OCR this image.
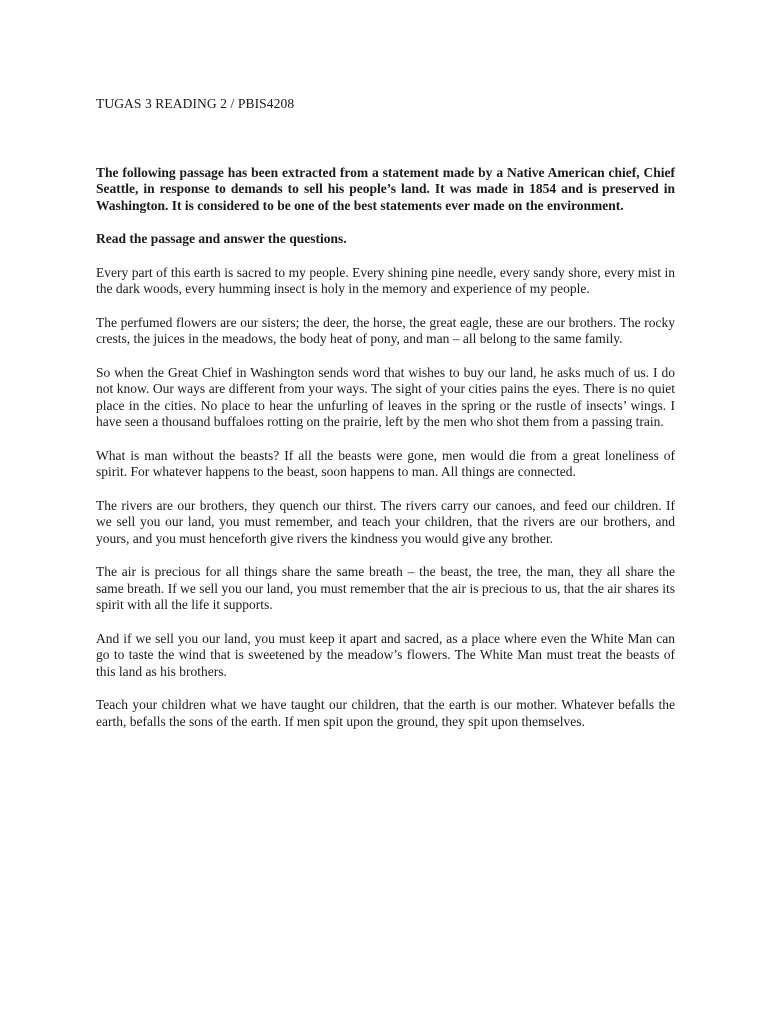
TUGAS 3 READING 2 / PBIS4208

The following passage has been extracted from a statement made by a Native American chief, Chief Seattle, in response to demands to sell his people’s land. It was made in 1854 and is preserved in Washington. It is considered to be one of the best statements ever made on the environment.

Read the passage and answer the questions.

Every part of this earth is sacred to my people. Every shining pine needle, every sandy shore, every mist in the dark woods, every humming insect is holy in the memory and experience of my people.

The perfumed flowers are our sisters; the deer, the horse, the great eagle, these are our brothers. The rocky crests, the juices in the meadows, the body heat of pony, and man – all belong to the same family.

So when the Great Chief in Washington sends word that wishes to buy our land, he asks much of us. I do not know. Our ways are different from your ways. The sight of your cities pains the eyes. There is no quiet place in the cities. No place to hear the unfurling of leaves in the spring or the rustle of insects’ wings. I have seen a thousand buffaloes rotting on the prairie, left by the men who shot them from a passing train.

What is man without the beasts? If all the beasts were gone, men would die from a great loneliness of spirit. For whatever happens to the beast, soon happens to man. All things are connected.

The rivers are our brothers, they quench our thirst. The rivers carry our canoes, and feed our children. If we sell you our land, you must remember, and teach your children, that the rivers are our brothers, and yours, and you must henceforth give rivers the kindness you would give any brother.

The air is precious for all things share the same breath – the beast, the tree, the man, they all share the same breath. If we sell you our land, you must remember that the air is precious to us, that the air shares its spirit with all the life it supports.

And if we sell you our land, you must keep it apart and sacred, as a place where even the White Man can go to taste the wind that is sweetened by the meadow’s flowers. The White Man must treat the beasts of this land as his brothers.

Teach your children what we have taught our children, that the earth is our mother. Whatever befalls the earth, befalls the sons of the earth. If men spit upon the ground, they spit upon themselves.
